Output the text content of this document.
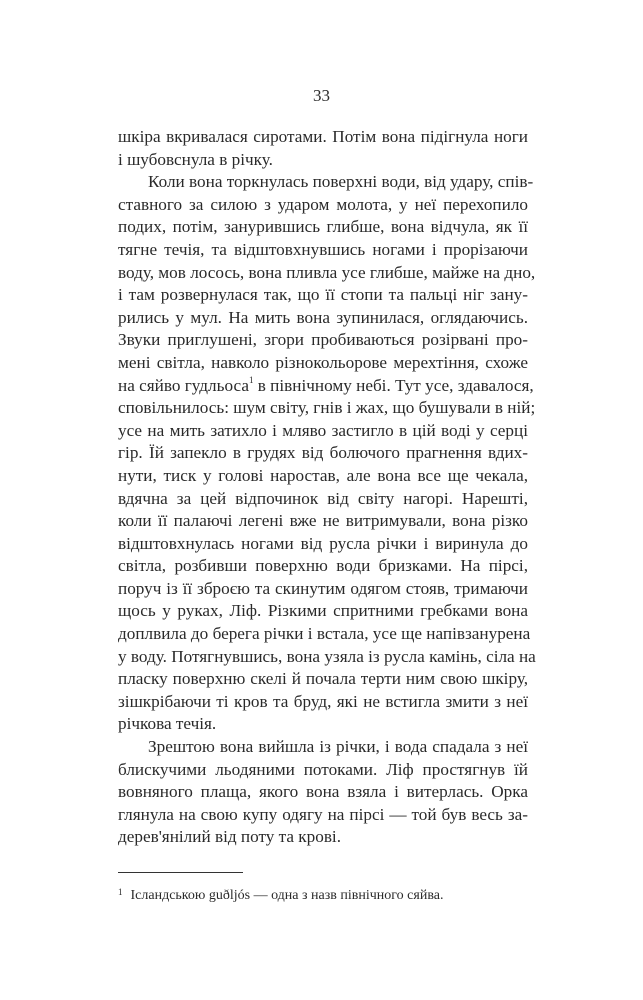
33
шкіра вкривалася сиротами. Потім вона підігнула ноги
і шубовснула в річку.
Коли вона торкнулась поверхні води, від удару, спів-
ставного за силою з ударом молота, у неї перехопило
подих, потім, занурившись глибше, вона відчула, як її
тягне течія, та відштовхнувшись ногами і прорізаючи
воду, мов лосось, вона пливла усе глибше, майже на дно,
і там розвернулася так, що її стопи та пальці ніг зану-
рились у мул. На мить вона зупинилася, оглядаючись.
Звуки приглушені, згори пробиваються розірвані про-
мені світла, навколо різнокольорове мерехтіння, схоже
на сяйво гудльоса$^1$ в північному небі. Тут усе, здавалося,
сповільнилось: шум світу, гнів і жах, що бушували в ній;
усе на мить затихло і мляво застигло в цій воді у серці
гір. Їй запекло в грудях від болючого прагнення вдих-
нути, тиск у голові наростав, але вона все ще чекала,
вдячна за цей відпочинок від світу нагорі. Нарешті,
коли її палаючі легені вже не витримували, вона різко
відштовхнулась ногами від русла річки і виринула до
світла, розбивши поверхню води бризками. На пірсі,
поруч із її зброєю та скинутим одягом стояв, тримаючи
щось у руках, Ліф. Різкими спритними гребками вона
доплвила до берега річки і встала, усе ще напівзанурена
у воду. Потягнувшись, вона узяла із русла камінь, сіла на
пласку поверхню скелі й почала терти ним свою шкіру,
зішкрібаючи ті кров та бруд, які не встигла змити з неї
річкова течія.
Зрештою вона вийшла із річки, і вода спадала з неї
блискучими льодяними потоками. Ліф простягнув їй
вовняного плаща, якого вона взяла і витерлась. Орка
глянула на свою купу одягу на пірсі — той був весь за-
дерев'янілий від поту та крові.
$^1$ Ісландською guðljós — одна з назв північного сяйва.
